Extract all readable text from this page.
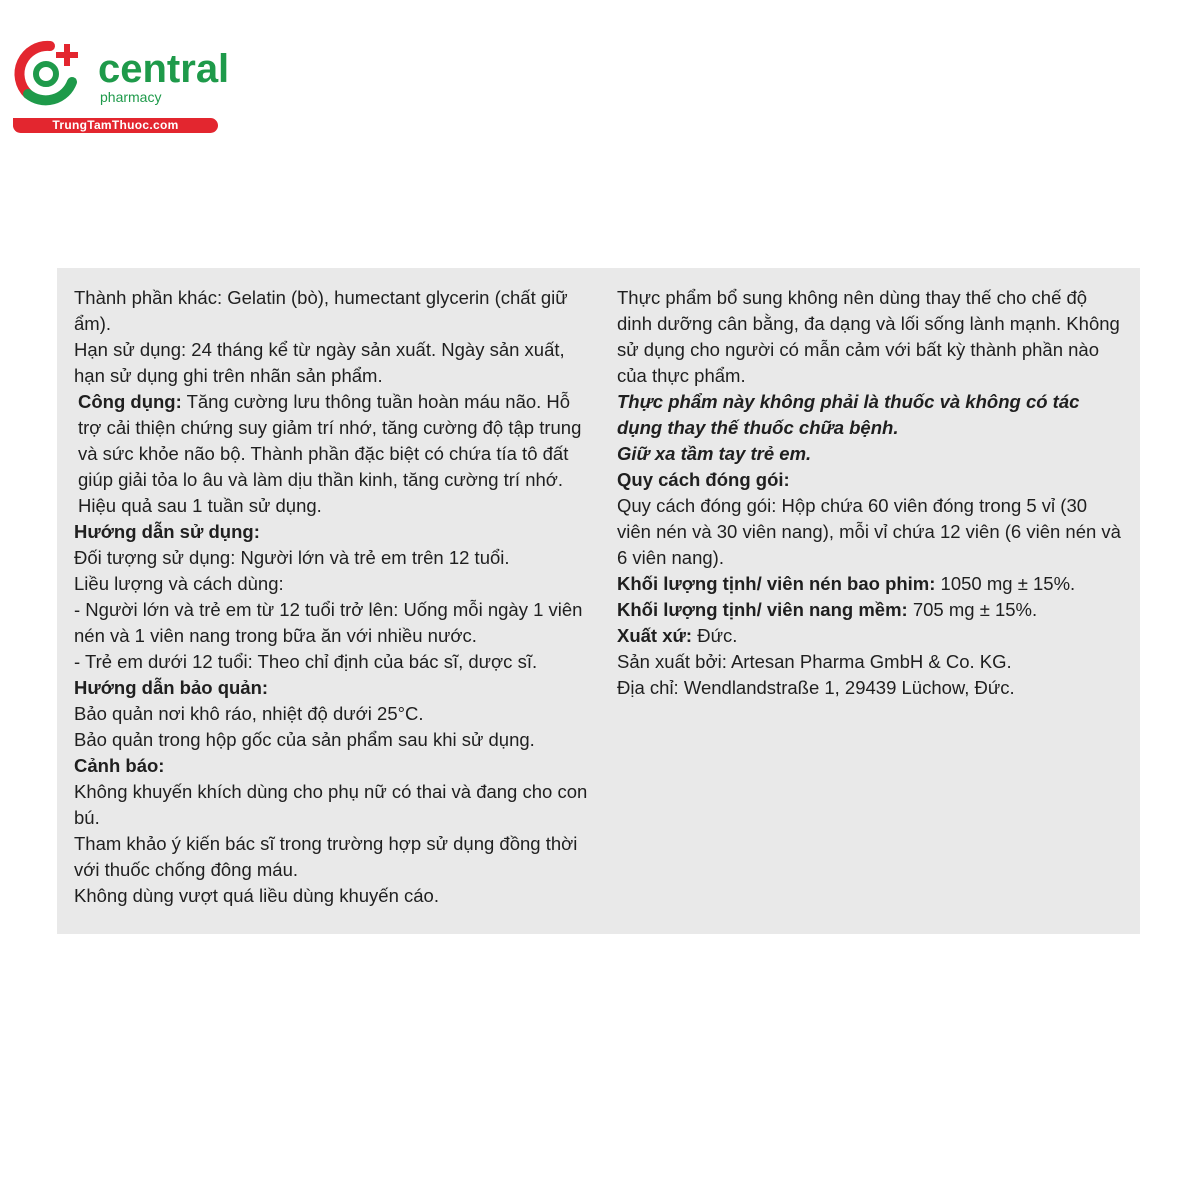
central
pharmacy
TrungTamThuoc.com

Thành phần khác: Gelatin (bò), humectant glycerin (chất giữ ẩm).

Hạn sử dụng: 24 tháng kể từ ngày sản xuất. Ngày sản xuất, hạn sử dụng ghi trên nhãn sản phẩm.

Công dụng: Tăng cường lưu thông tuần hoàn máu não. Hỗ trợ cải thiện chứng suy giảm trí nhớ, tăng cường độ tập trung và sức khỏe não bộ. Thành phần đặc biệt có chứa tía tô đất giúp giải tỏa lo âu và làm dịu thần kinh, tăng cường trí nhớ. Hiệu quả sau 1 tuần sử dụng.

Hướng dẫn sử dụng:

Đối tượng sử dụng: Người lớn và trẻ em trên 12 tuổi.

Liều lượng và cách dùng:

- Người lớn và trẻ em từ 12 tuổi trở lên: Uống mỗi ngày 1 viên nén và 1 viên nang trong bữa ăn với nhiều nước.

- Trẻ em dưới 12 tuổi: Theo chỉ định của bác sĩ, dược sĩ.

Hướng dẫn bảo quản:

Bảo quản nơi khô ráo, nhiệt độ dưới 25°C.

Bảo quản trong hộp gốc của sản phẩm sau khi sử dụng.

Cảnh báo:

Không khuyến khích dùng cho phụ nữ có thai và đang cho con bú.

Tham khảo ý kiến bác sĩ trong trường hợp sử dụng đồng thời với thuốc chống đông máu.

Không dùng vượt quá liều dùng khuyến cáo.

Thực phẩm bổ sung không nên dùng thay thế cho chế độ dinh dưỡng cân bằng, đa dạng và lối sống lành mạnh. Không sử dụng cho người có mẫn cảm với bất kỳ thành phần nào của thực phẩm.

Thực phẩm này không phải là thuốc và không có tác dụng thay thế thuốc chữa bệnh.

Giữ xa tầm tay trẻ em.

Quy cách đóng gói:

Quy cách đóng gói: Hộp chứa 60 viên đóng trong 5 vỉ (30 viên nén và 30 viên nang), mỗi vỉ chứa 12 viên (6 viên nén và 6 viên nang).

Khối lượng tịnh/ viên nén bao phim: 1050 mg ± 15%.

Khối lượng tịnh/ viên nang mềm: 705 mg ± 15%.

Xuất xứ: Đức.

Sản xuất bởi: Artesan Pharma GmbH & Co. KG.

Địa chỉ: Wendlandstraße 1, 29439 Lüchow, Đức.
